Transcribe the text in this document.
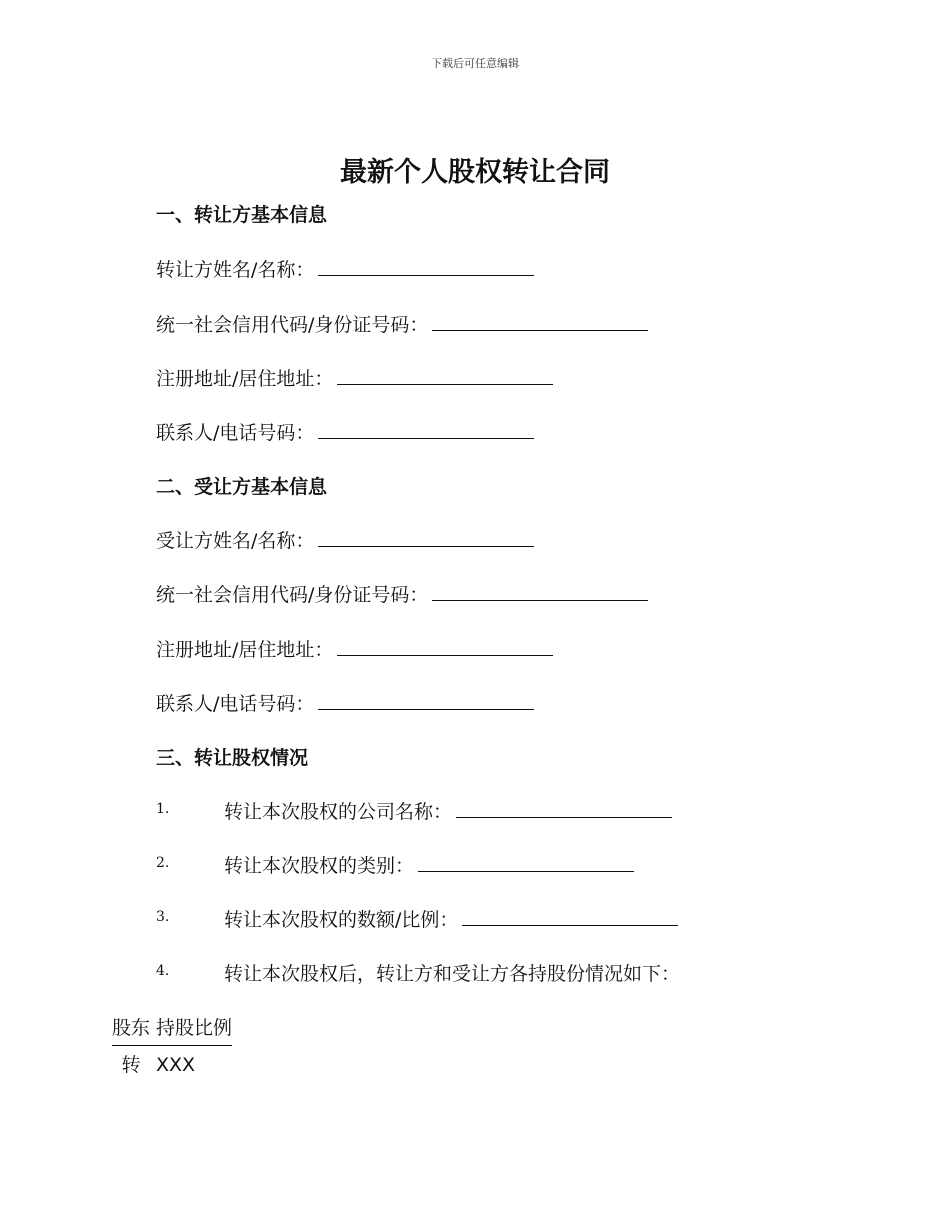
下载后可任意编辑
最新个人股权转让合同
一、转让方基本信息
转让方姓名/名称：
统一社会信用代码/身份证号码：
注册地址/居住地址：
联系人/电话号码：
二、受让方基本信息
受让方姓名/名称：
统一社会信用代码/身份证号码：
注册地址/居住地址：
联系人/电话号码：
三、转让股权情况
1.	转让本次股权的公司名称：
2.	转让本次股权的类别：
3.	转让本次股权的数额/比例：
4.	转让本次股权后，转让方和受让方各持股份情况如下：
股东 持股比例
转 XXX
